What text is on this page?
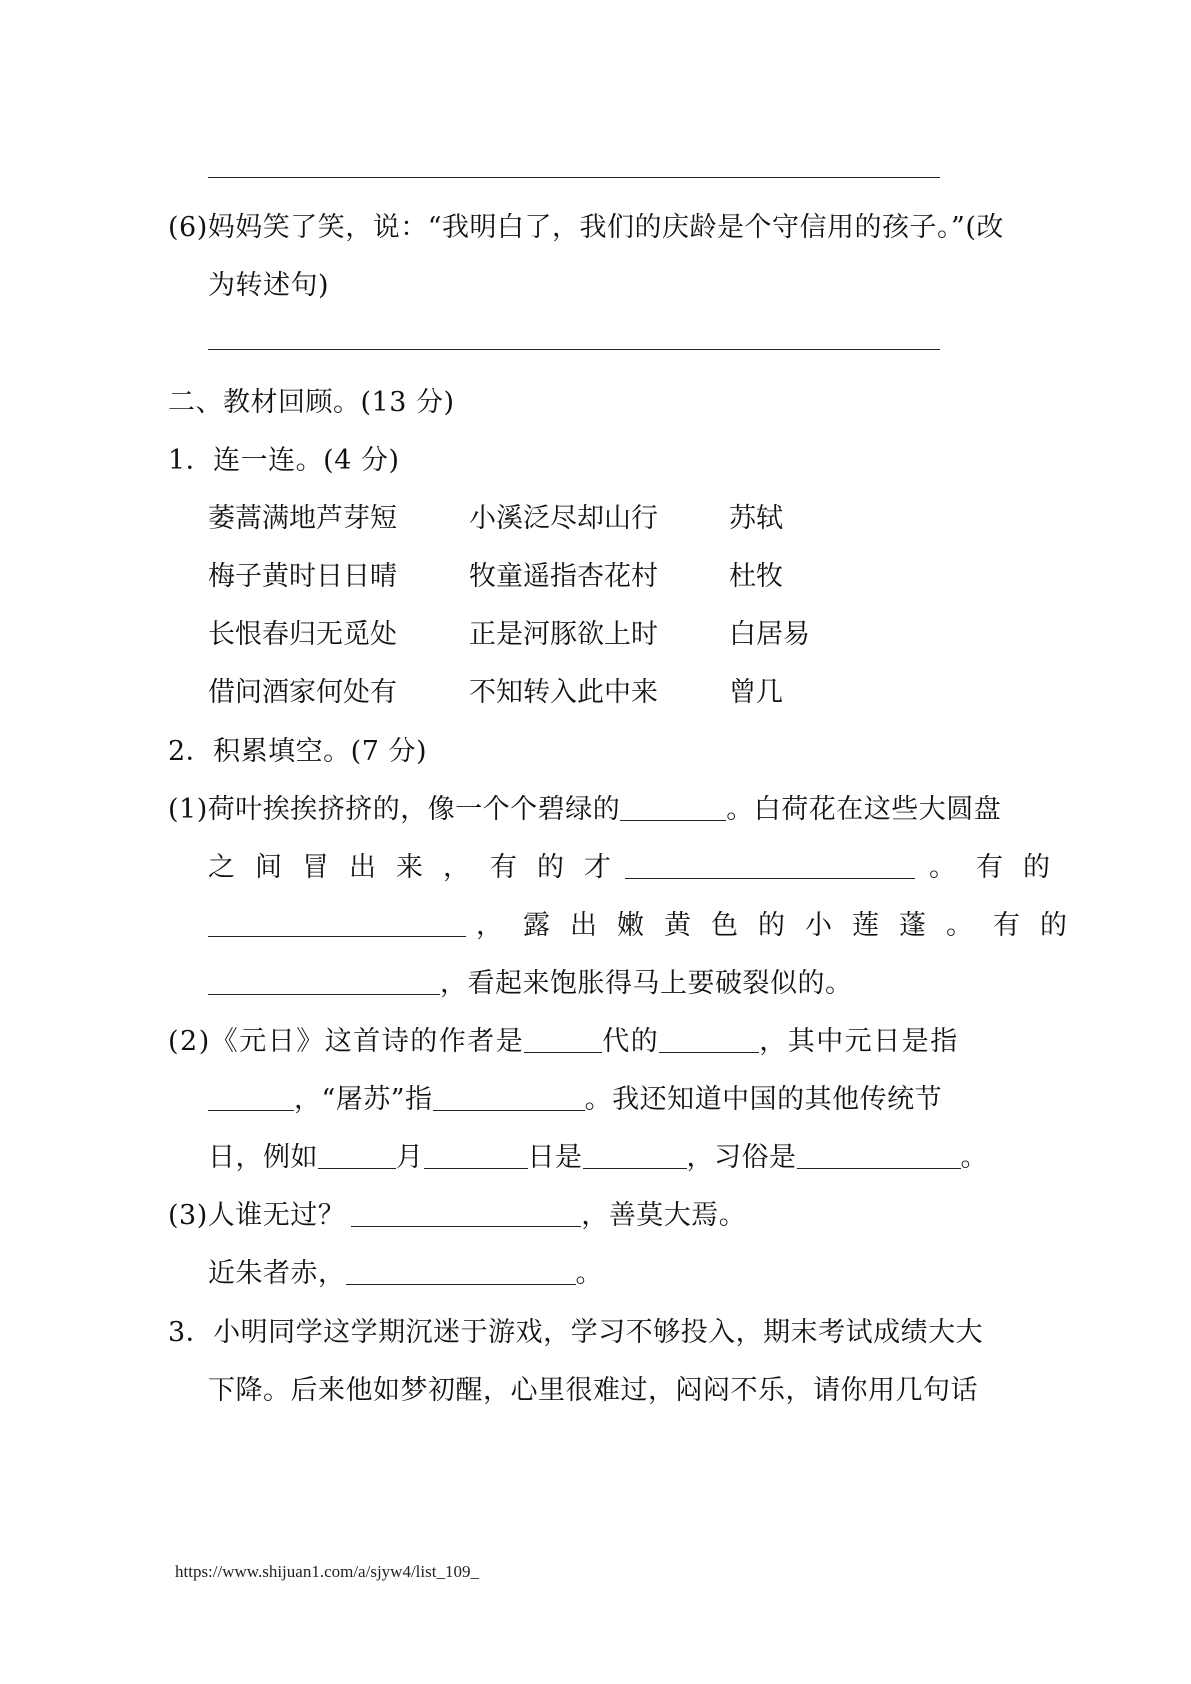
(6)妈妈笑了笑，说：“我明白了，我们的庆龄是个守信用的孩子。”(改
为转述句)
二、教材回顾。(13 分)
1．连一连。(4 分)
萎蒿满地芦芽短	小溪泛尽却山行	苏轼
梅子黄时日日晴	牧童遥指杏花村	杜牧
长恨春归无觅处	正是河豚欲上时	白居易
借问酒家何处有	不知转入此中来	曾几
2．积累填空。(7 分)
(1)荷叶挨挨挤挤的，像一个个碧绿的	。白荷花在这些大圆盘
之间冒出来，有的才	。有的
，露出嫩黄色的小莲蓬。有的
，看起来饱胀得马上要破裂似的。
(2)《元日》这首诗的作者是	代的	，其中元日是指
，“屠苏”指	。我还知道中国的其他传统节
日，例如	月	日是	，习俗是	。
(3)人谁无过？	，善莫大焉。
近朱者赤，	。
3．小明同学这学期沉迷于游戏，学习不够投入，期末考试成绩大大
下降。后来他如梦初醒，心里很难过，闷闷不乐，请你用几句话
https://www.shijuan1.com/a/sjyw4/list_109_
